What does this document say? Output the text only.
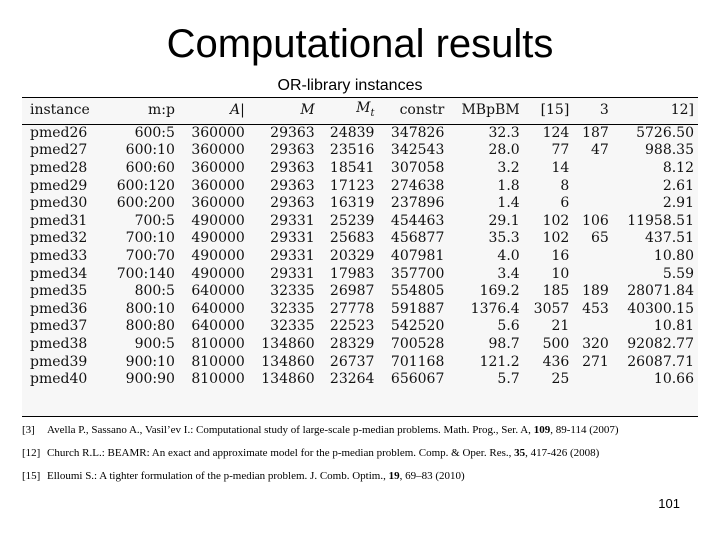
Computational results
OR-library instances
instance	m:p	A|	M	$M_t$	constr	MBpBM	[15]	3	12]
pmed26	600:5	360000	29363	24839	347826	32.3	124	187	5726.50
pmed27	600:10	360000	29363	23516	342543	28.0	77	47	988.35
pmed28	600:60	360000	29363	18541	307058	3.2	14		8.12
pmed29	600:120	360000	29363	17123	274638	1.8	8		2.61
pmed30	600:200	360000	29363	16319	237896	1.4	6		2.91
pmed31	700:5	490000	29331	25239	454463	29.1	102	106	11958.51
pmed32	700:10	490000	29331	25683	456877	35.3	102	65	437.51
pmed33	700:70	490000	29331	20329	407981	4.0	16		10.80
pmed34	700:140	490000	29331	17983	357700	3.4	10		5.59
pmed35	800:5	640000	32335	26987	554805	169.2	185	189	28071.84
pmed36	800:10	640000	32335	27778	591887	1376.4	3057	453	40300.15
pmed37	800:80	640000	32335	22523	542520	5.6	21		10.81
pmed38	900:5	810000	134860	28329	700528	98.7	500	320	92082.77
pmed39	900:10	810000	134860	26737	701168	121.2	436	271	26087.71
pmed40	900:90	810000	134860	23264	656067	5.7	25		10.66
[3]	Avella P., Sassano A., Vasil’ev I.: Computational study of large-scale p-median problems. Math. Prog., Ser. A, 109, 89-114 (2007)
[12] Church R.L.: BEAMR: An exact and approximate model for the p-median problem. Comp. & Oper. Res., 35, 417-426 (2008)
[15] Elloumi S.: A tighter formulation of the p-median problem. J. Comb. Optim., 19, 69–83 (2010)
101
